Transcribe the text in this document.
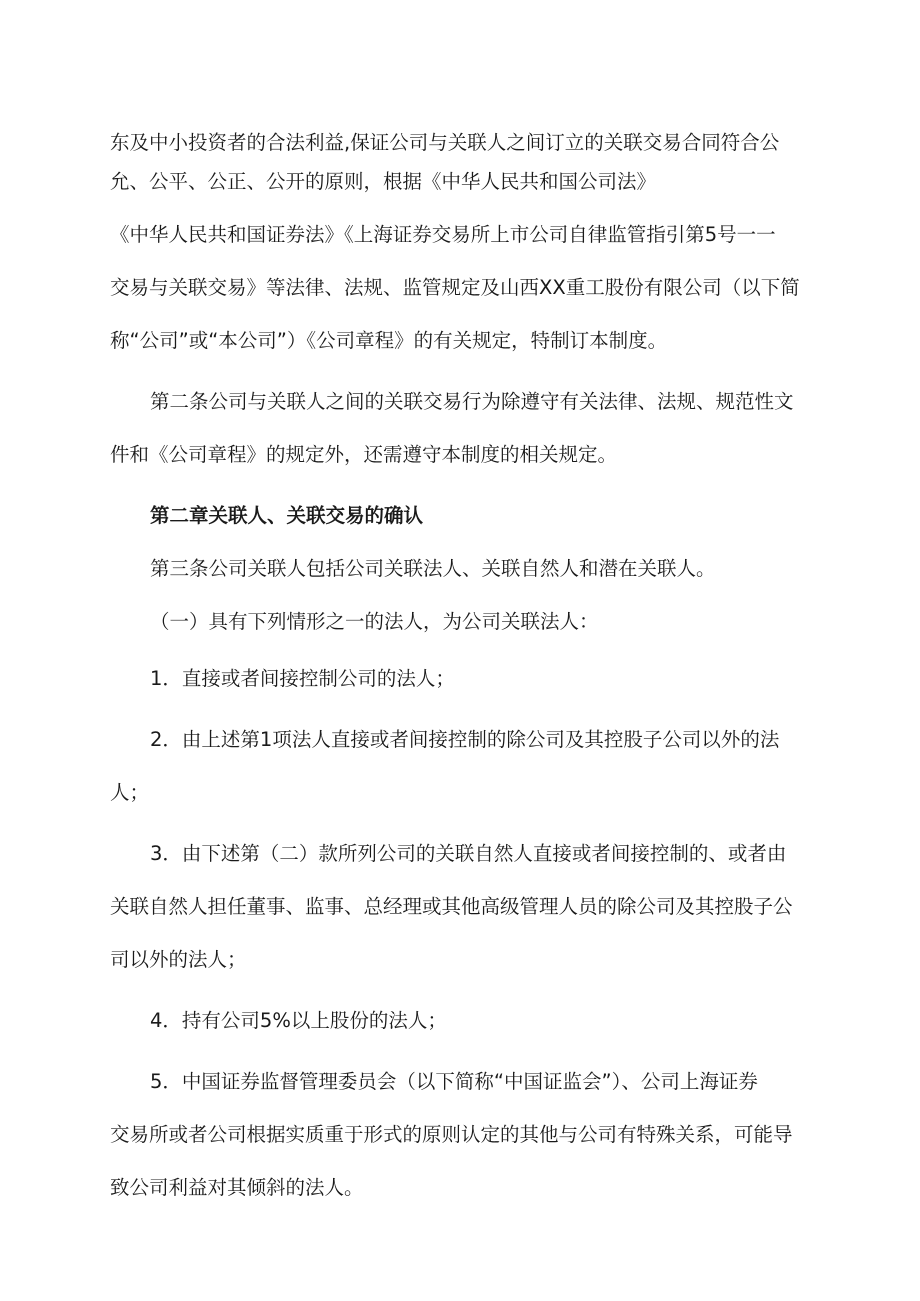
东及中小投资者的合法利益,保证公司与关联人之间订立的关联交易合同符合公
允、公平、公正、公开的原则，根据《中华人民共和国公司法》
《中华人民共和国证券法》《上海证券交易所上市公司自律监管指引第5号一一
交易与关联交易》等法律、法规、监管规定及山西XX重工股份有限公司（以下简
称“公司”或“本公司”）《公司章程》的有关规定，特制订本制度。
第二条公司与关联人之间的关联交易行为除遵守有关法律、法规、规范性文
件和《公司章程》的规定外，还需遵守本制度的相关规定。
第二章关联人、关联交易的确认
第三条公司关联人包括公司关联法人、关联自然人和潜在关联人。
（一）具有下列情形之一的法人，为公司关联法人：
1．直接或者间接控制公司的法人；
2．由上述第1项法人直接或者间接控制的除公司及其控股子公司以外的法
人；
3．由下述第（二）款所列公司的关联自然人直接或者间接控制的、或者由
关联自然人担任董事、监事、总经理或其他高级管理人员的除公司及其控股子公
司以外的法人；
4．持有公司5%以上股份的法人；
5．中国证券监督管理委员会（以下简称“中国证监会”）、公司上海证券
交易所或者公司根据实质重于形式的原则认定的其他与公司有特殊关系，可能导
致公司利益对其倾斜的法人。
